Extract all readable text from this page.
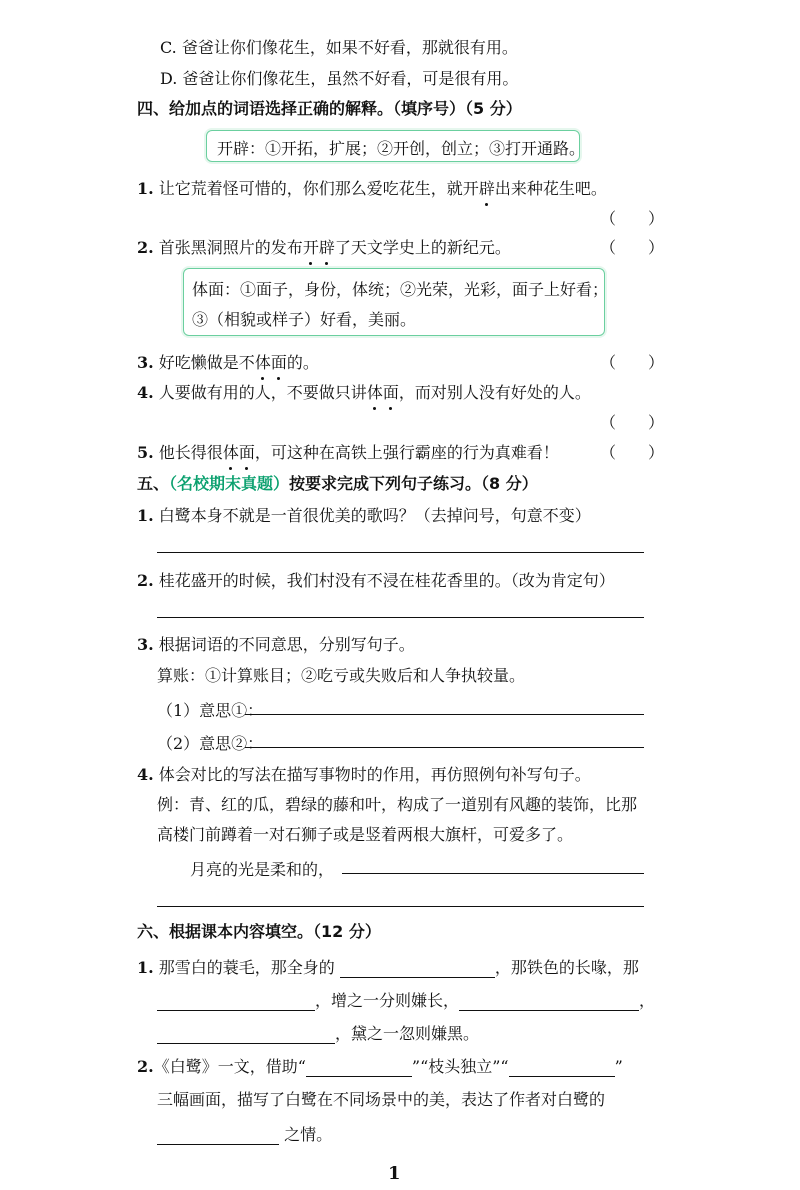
C. 爸爸让你们像花生，如果不好看，那就很有用。
D. 爸爸让你们像花生，虽然不好看，可是很有用。
四、给加点的词语选择正确的解释。（填序号）（5 分）
开辟：①开拓，扩展；②开创，创立；③打开通路。
1. 让它荒着怪可惜的，你们那么爱吃花生，就开辟出来种花生吧。
（　　）
2. 首张黑洞照片的发布开辟了天文学史上的新纪元。	（　　）
体面：①面子，身份，体统；②光荣，光彩，面子上好看；
③（相貌或样子）好看，美丽。
3. 好吃懒做是不体面的。	（　　）
4. 人要做有用的人，不要做只讲体面，而对别人没有好处的人。
（　　）
5. 他长得很体面，可这种在高铁上强行霸座的行为真难看！	（　　）
五、（名校期末真题）按要求完成下列句子练习。（8 分）
1. 白鹭本身不就是一首很优美的歌吗？（去掉问号，句意不变）
2. 桂花盛开的时候，我们村没有不浸在桂花香里的。（改为肯定句）
3. 根据词语的不同意思，分别写句子。
算账：①计算账目；②吃亏或失败后和人争执较量。
（1）意思①：
（2）意思②：
4. 体会对比的写法在描写事物时的作用，再仿照例句补写句子。
例：青、红的瓜，碧绿的藤和叶，构成了一道别有风趣的装饰，比那
高楼门前蹲着一对石狮子或是竖着两根大旗杆，可爱多了。
月亮的光是柔和的，
六、根据课本内容填空。（12 分）
1. 那雪白的蓑毛，那全身的	，那铁色的长喙，那
，增之一分则嫌长，	，
，黛之一忽则嫌黑。
2.《白鹭》一文，借助“	”“枝头独立”“	”
三幅画面，描写了白鹭在不同场景中的美，表达了作者对白鹭的
之情。
1
